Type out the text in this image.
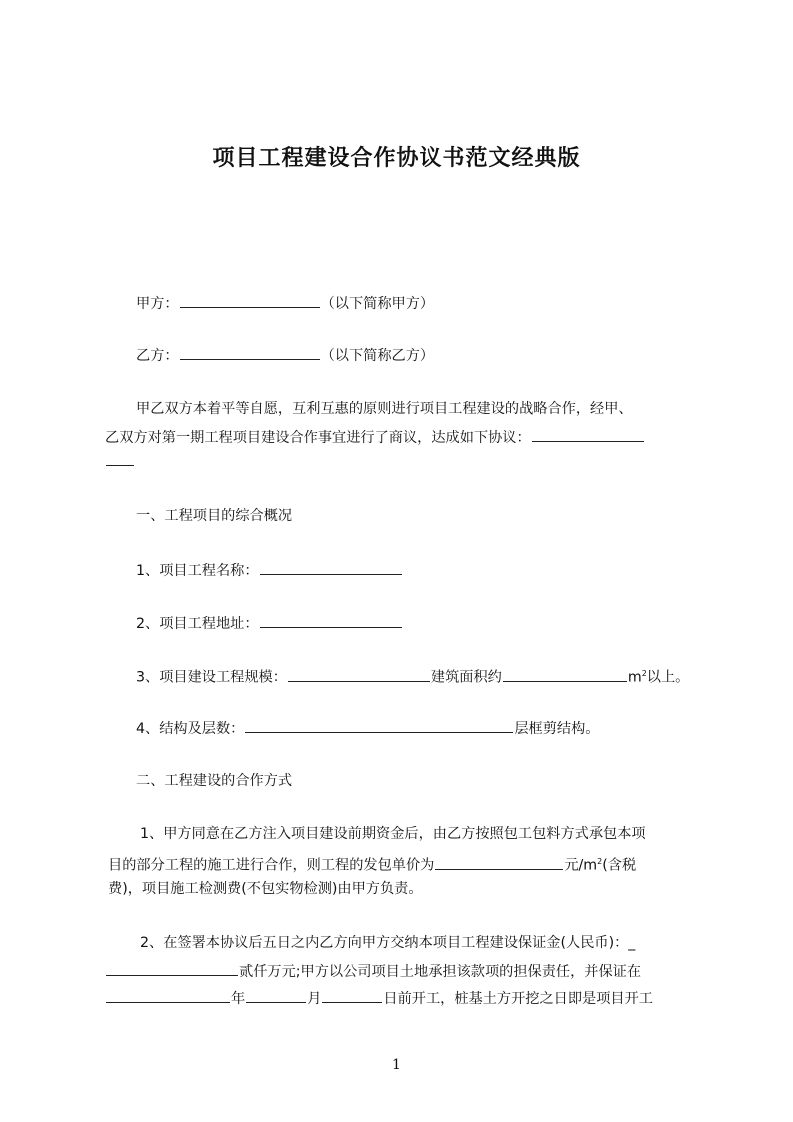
项目工程建设合作协议书范文经典版
甲方：	（以下简称甲方）
乙方：	（以下简称乙方）
甲乙双方本着平等自愿，互利互惠的原则进行项目工程建设的战略合作，经甲、
乙双方对第一期工程项目建设合作事宜进行了商议，达成如下协议：
一、工程项目的综合概况
1、项目工程名称：
2、项目工程地址：
3、项目建设工程规模：	建筑面积约	$m^2$以上。
4、结构及层数：	层框剪结构。
二、工程建设的合作方式
1、甲方同意在乙方注入项目建设前期资金后，由乙方按照包工包料方式承包本项
目的部分工程的施工进行合作，则工程的发包单价为	元$/m^2$(含税
费)，项目施工检测费(不包实物检测)由甲方负责。
2、在签署本协议后五日之内乙方向甲方交纳本项目工程建设保证金(人民币)：_
贰仟万元;甲方以公司项目土地承担该款项的担保责任，并保证在
年	月	日前开工，桩基土方开挖之日即是项目开工
1
